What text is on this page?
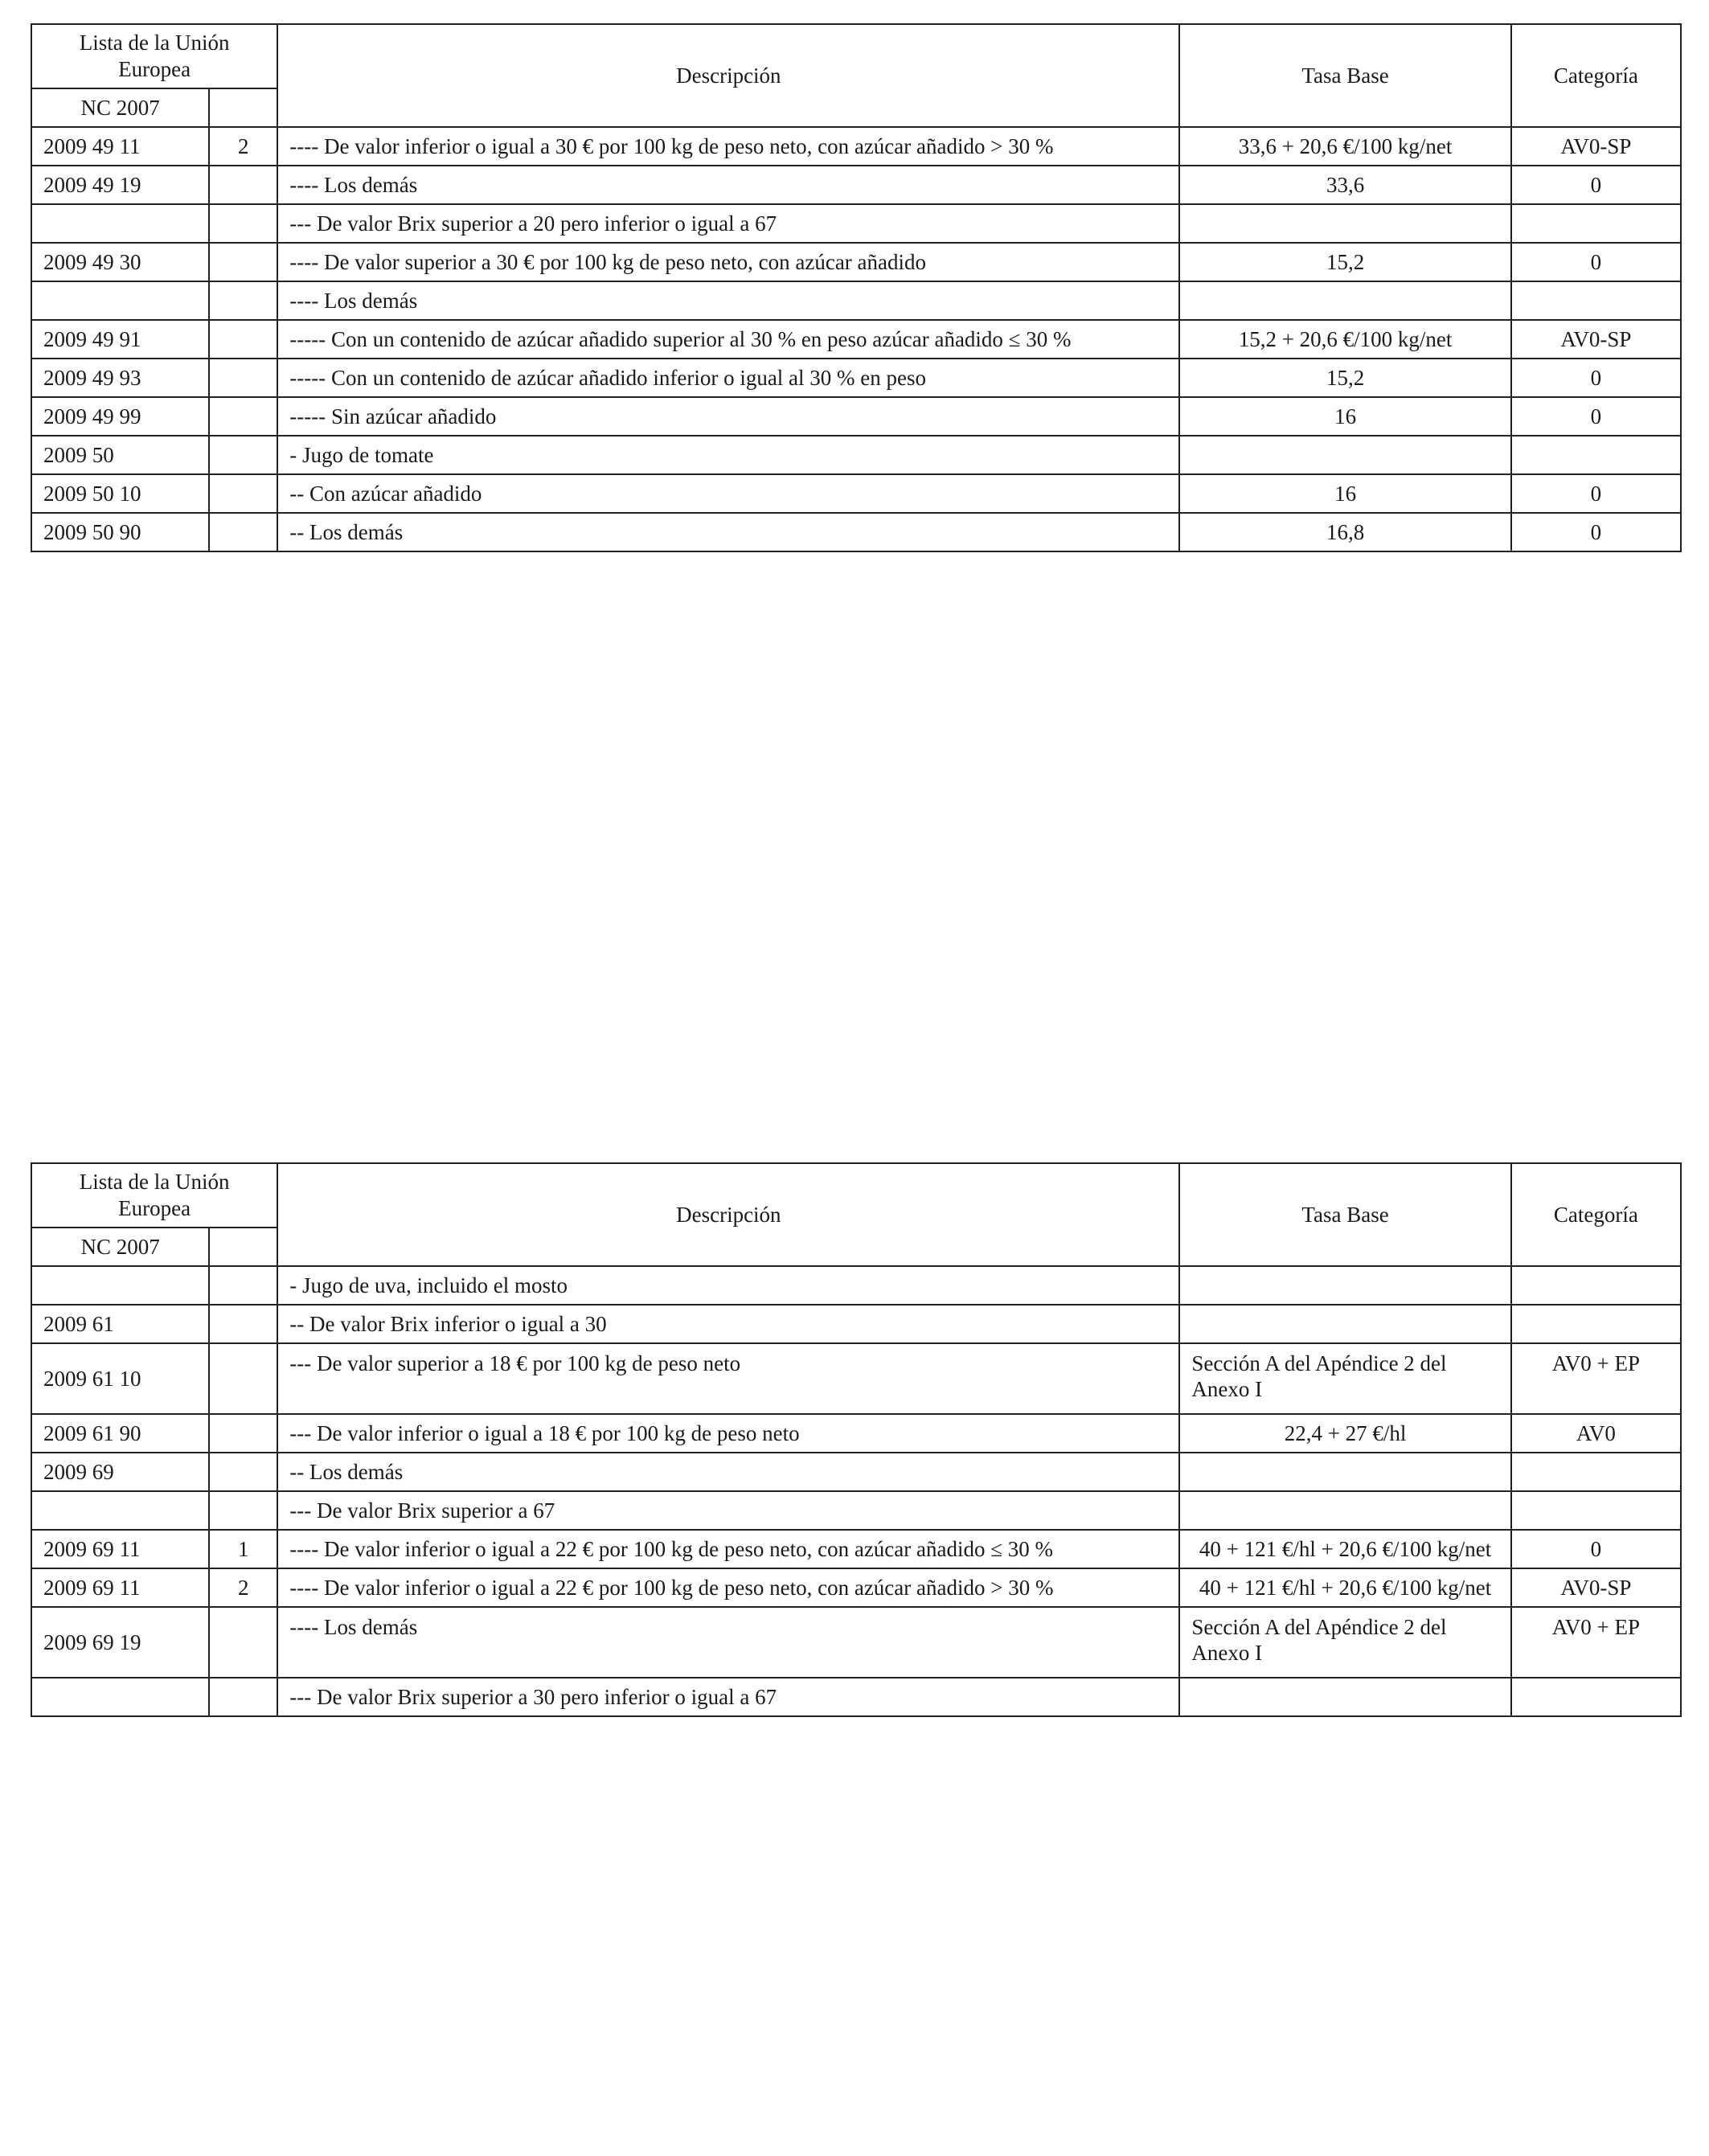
Lista de la Unión Europea		Descripción	Tasa Base	Categoría
NC 2007				
2009 49 11	2	---- De valor inferior o igual a 30 € por 100 kg de peso neto, con azúcar añadido > 30 %	33,6 + 20,6 €/100 kg/net	AV0-SP
2009 49 19		---- Los demás	33,6	0
		--- De valor Brix superior a 20 pero inferior o igual a 67		
2009 49 30		---- De valor superior a 30 € por 100 kg de peso neto, con azúcar añadido	15,2	0
		---- Los demás		
2009 49 91		----- Con un contenido de azúcar añadido superior al 30 % en peso azúcar añadido ≤ 30 %	15,2 + 20,6 €/100 kg/net	AV0-SP
2009 49 93		----- Con un contenido de azúcar añadido inferior o igual al 30 % en peso	15,2	0
2009 49 99		----- Sin azúcar añadido	16	0
2009 50		- Jugo de tomate		
2009 50 10		-- Con azúcar añadido	16	0
2009 50 90		-- Los demás	16,8	0
Lista de la Unión Europea		Descripción	Tasa Base	Categoría
NC 2007				
		- Jugo de uva, incluido el mosto		
2009 61		-- De valor Brix inferior o igual a 30		
2009 61 10		--- De valor superior a 18 € por 100 kg de peso neto	Sección A del Apéndice 2 del Anexo I	AV0 + EP
2009 61 90		--- De valor inferior o igual a 18 € por 100 kg de peso neto	22,4 + 27 €/hl	AV0
2009 69		-- Los demás		
		--- De valor Brix superior a 67		
2009 69 11	1	---- De valor inferior o igual a 22 € por 100 kg de peso neto, con azúcar añadido ≤ 30 %	40 + 121 €/hl + 20,6 €/100 kg/net	0
2009 69 11	2	---- De valor inferior o igual a 22 € por 100 kg de peso neto, con azúcar añadido > 30 %	40 + 121 €/hl + 20,6 €/100 kg/net	AV0-SP
2009 69 19		---- Los demás	Sección A del Apéndice 2 del Anexo I	AV0 + EP
		--- De valor Brix superior a 30 pero inferior o igual a 67		
